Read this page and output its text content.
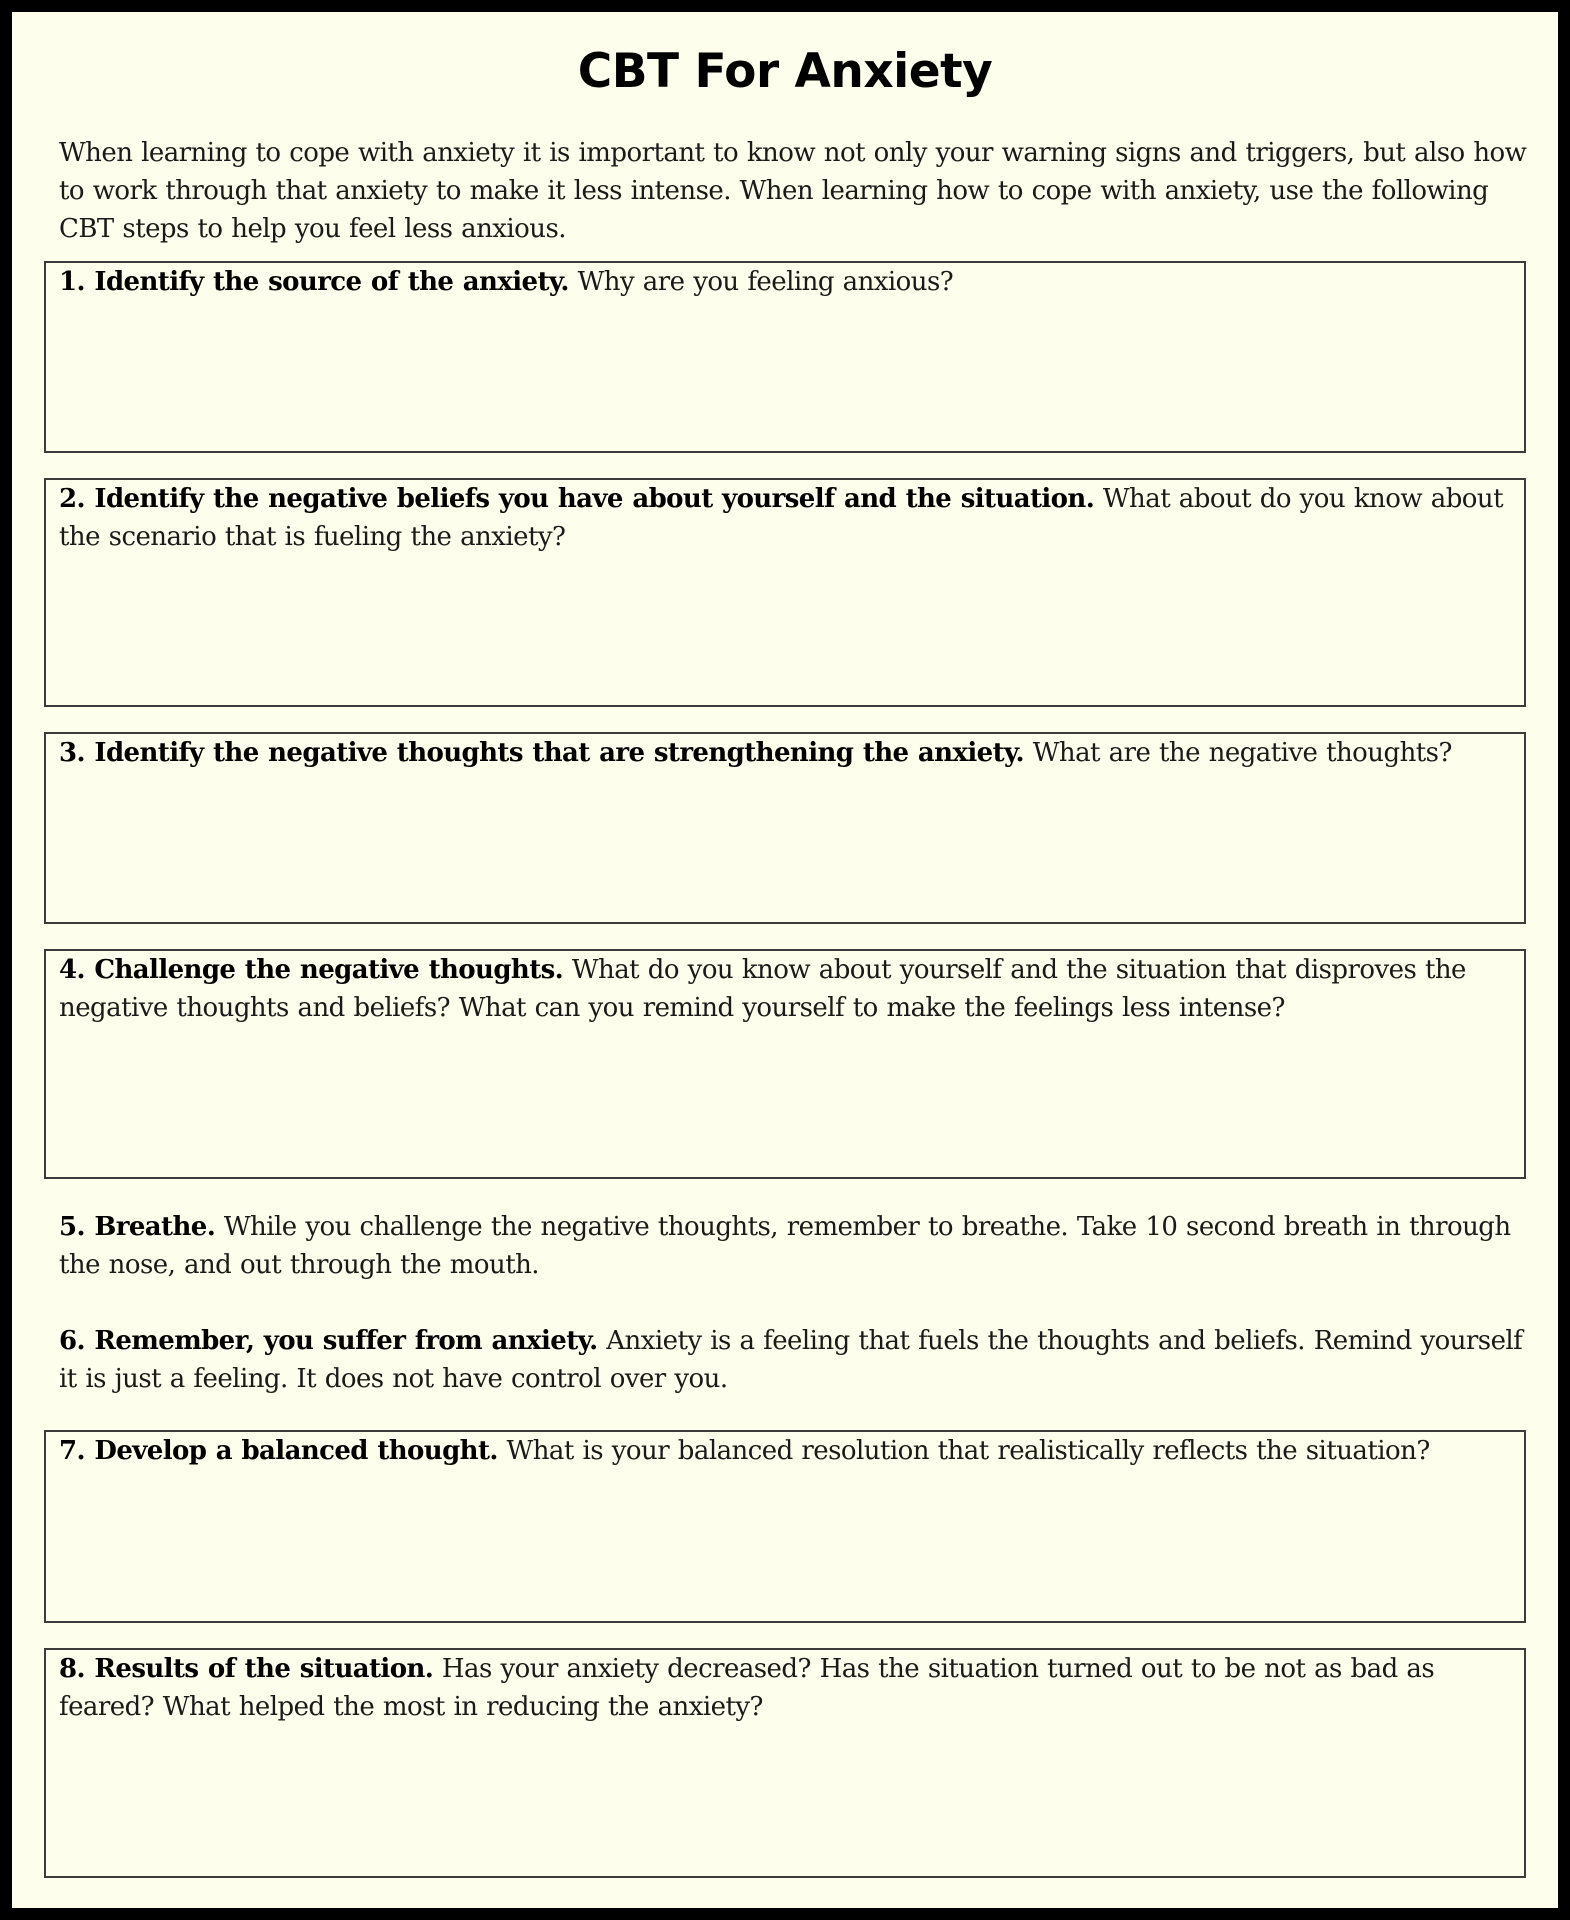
CBT For Anxiety
When learning to cope with anxiety it is important to know not only your warning signs and triggers, but also how to work through that anxiety to make it less intense. When learning how to cope with anxiety, use the following CBT steps to help you feel less anxious.
1. Identify the source of the anxiety. Why are you feeling anxious?
2. Identify the negative beliefs you have about yourself and the situation. What about do you know about the scenario that is fueling the anxiety?
3. Identify the negative thoughts that are strengthening the anxiety. What are the negative thoughts?
4. Challenge the negative thoughts. What do you know about yourself and the situation that disproves the negative thoughts and beliefs? What can you remind yourself to make the feelings less intense?
5. Breathe. While you challenge the negative thoughts, remember to breathe. Take 10 second breath in through the nose, and out through the mouth.
6. Remember, you suffer from anxiety. Anxiety is a feeling that fuels the thoughts and beliefs. Remind yourself it is just a feeling. It does not have control over you.
7. Develop a balanced thought. What is your balanced resolution that realistically reflects the situation?
8. Results of the situation. Has your anxiety decreased? Has the situation turned out to be not as bad as feared? What helped the most in reducing the anxiety?
